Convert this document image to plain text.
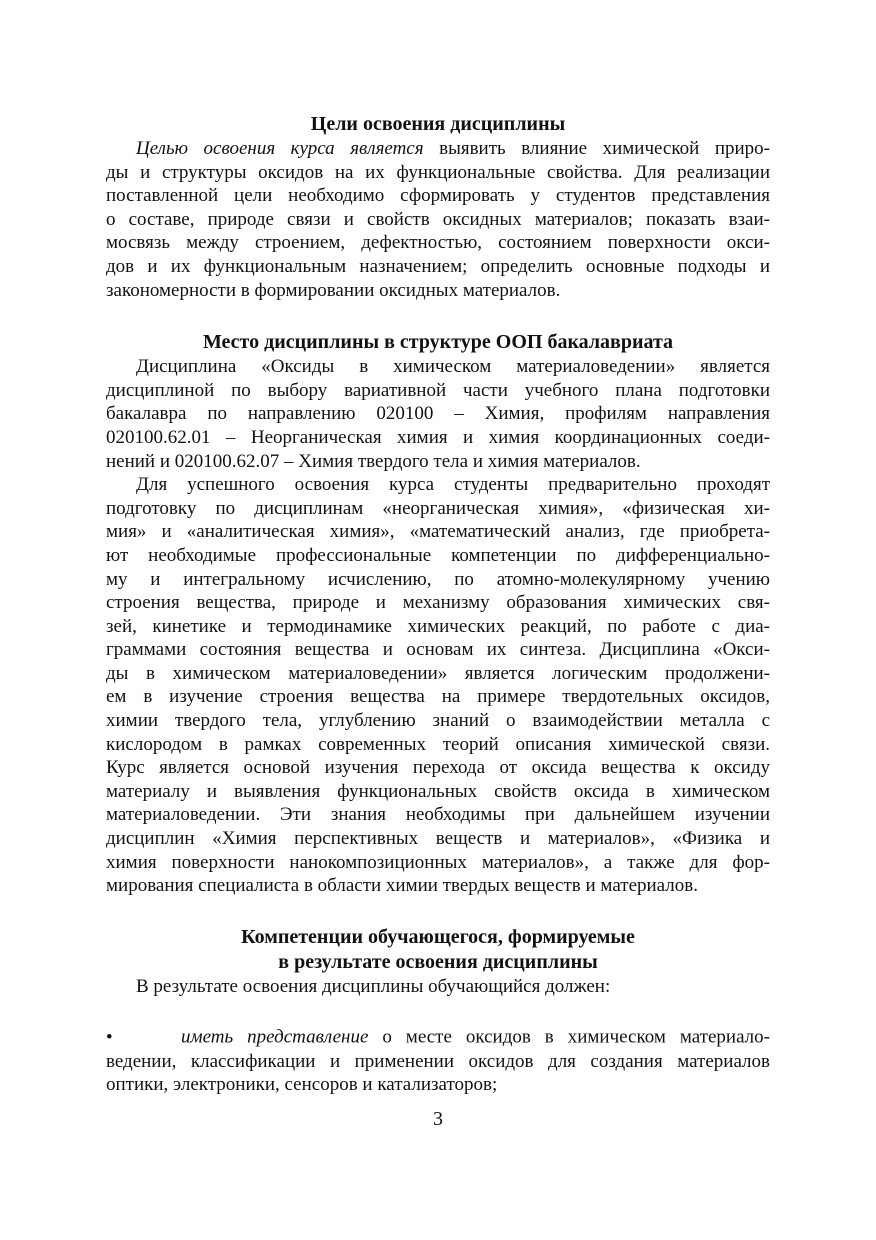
Цели освоения дисциплины
Целью освоения курса является выявить влияние химической приро-
ды и структуры оксидов на их функциональные свойства. Для реализации
поставленной цели необходимо сформировать у студентов представления
о составе, природе связи и свойств оксидных материалов; показать взаи-
мосвязь между строением, дефектностью, состоянием поверхности окси-
дов и их функциональным назначением; определить основные подходы и
закономерности в формировании оксидных материалов.
Место дисциплины в структуре ООП бакалавриата
Дисциплина «Оксиды в химическом материаловедении» является
дисциплиной по выбору вариативной части учебного плана подготовки
бакалавра по направлению 020100 – Химия, профилям направления
020100.62.01 – Неорганическая химия и химия координационных соеди-
нений и 020100.62.07 – Химия твердого тела и химия материалов.
Для успешного освоения курса студенты предварительно проходят
подготовку по дисциплинам «неорганическая химия», «физическая хи-
мия» и «аналитическая химия», «математический анализ, где приобрета-
ют необходимые профессиональные компетенции по дифференциально-
му и интегральному исчислению, по атомно-молекулярному учению
строения вещества, природе и механизму образования химических свя-
зей, кинетике и термодинамике химических реакций, по работе с диа-
граммами состояния вещества и основам их синтеза. Дисциплина «Окси-
ды в химическом материаловедении» является логическим продолжени-
ем в изучение строения вещества на примере твердотельных оксидов,
химии твердого тела, углублению знаний о взаимодействии металла с
кислородом в рамках современных теорий описания химической связи.
Курс является основой изучения перехода от оксида вещества к оксиду
материалу и выявления функциональных свойств оксида в химическом
материаловедении. Эти знания необходимы при дальнейшем изучении
дисциплин «Химия перспективных веществ и материалов», «Физика и
химия поверхности нанокомпозиционных материалов», а также для фор-
мирования специалиста в области химии твердых веществ и материалов.
Компетенции обучающегося, формируемые
в результате освоения дисциплины
В результате освоения дисциплины обучающийся должен:
•	иметь представление о месте оксидов в химическом материало-
ведении, классификации и применении оксидов для создания материалов
оптики, электроники, сенсоров и катализаторов;
3
